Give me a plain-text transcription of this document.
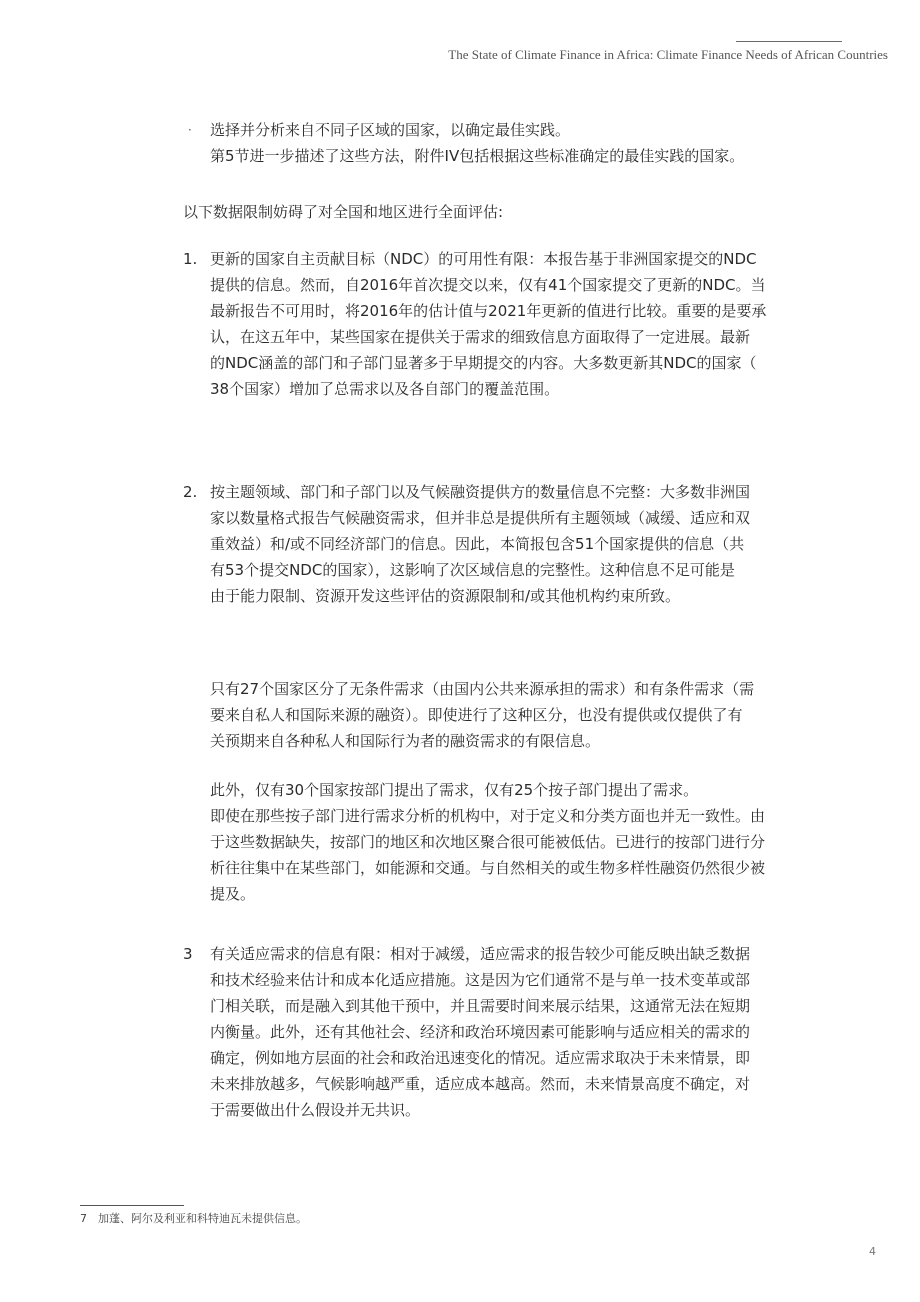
The State of Climate Finance in Africa: Climate Finance Needs of African Countries
·	选择并分析来自不同子区域的国家，以确定最佳实践。
第5节进一步描述了这些方法，附件IV包括根据这些标准确定的最佳实践的国家。
以下数据限制妨碍了对全国和地区进行全面评估:
1. 更新的国家自主贡献目标（NDC）的可用性有限：本报告基于非洲国家提交的NDC
提供的信息。然而，自2016年首次提交以来，仅有41个国家提交了更新的NDC。当
最新报告不可用时，将2016年的估计值与2021年更新的值进行比较。重要的是要承
认，在这五年中，某些国家在提供关于需求的细致信息方面取得了一定进展。最新
的NDC涵盖的部门和子部门显著多于早期提交的内容。大多数更新其NDC的国家（
38个国家）增加了总需求以及各自部门的覆盖范围。
2. 按主题领域、部门和子部门以及气候融资提供方的数量信息不完整：大多数非洲国
家以数量格式报告气候融资需求，但并非总是提供所有主题领域（减缓、适应和双
重效益）和/或不同经济部门的信息。因此，本简报包含51个国家提供的信息（共
有53个提交NDC的国家），这影响了次区域信息的完整性。这种信息不足可能是
由于能力限制、资源开发这些评估的资源限制和/或其他机构约束所致。
只有27个国家区分了无条件需求（由国内公共来源承担的需求）和有条件需求（需
要来自私人和国际来源的融资）。即使进行了这种区分，也没有提供或仅提供了有
关预期来自各种私人和国际行为者的融资需求的有限信息。
此外，仅有30个国家按部门提出了需求，仅有25个按子部门提出了需求。
即使在那些按子部门进行需求分析的机构中，对于定义和分类方面也并无一致性。由
于这些数据缺失，按部门的地区和次地区聚合很可能被低估。已进行的按部门进行分
析往往集中在某些部门，如能源和交通。与自然相关的或生物多样性融资仍然很少被
提及。
3	有关适应需求的信息有限：相对于减缓，适应需求的报告较少可能反映出缺乏数据
和技术经验来估计和成本化适应措施。这是因为它们通常不是与单一技术变革或部
门相关联，而是融入到其他干预中，并且需要时间来展示结果，这通常无法在短期
内衡量。此外，还有其他社会、经济和政治环境因素可能影响与适应相关的需求的
确定，例如地方层面的社会和政治迅速变化的情况。适应需求取决于未来情景，即
未来排放越多，气候影响越严重，适应成本越高。然而，未来情景高度不确定，对
于需要做出什么假设并无共识。
7 加蓬、阿尔及利亚和科特迪瓦未提供信息。
4
